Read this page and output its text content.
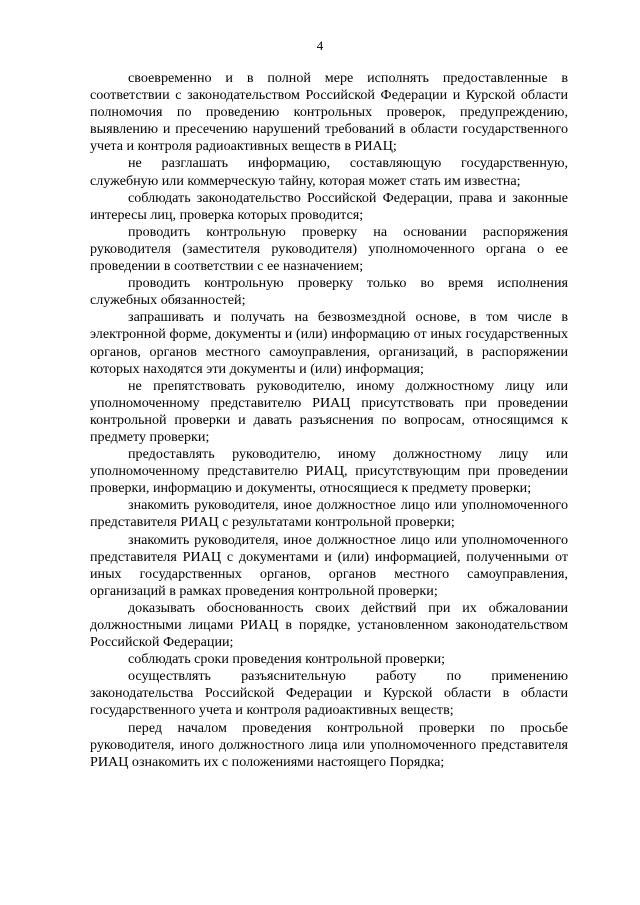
4

своевременно и в полной мере исполнять предоставленные в соответствии с законодательством Российской Федерации и Курской области полномочия по проведению контрольных проверок, предупреждению, выявлению и пресечению нарушений требований в области государственного учета и контроля радиоактивных веществ в РИАЦ;

не разглашать информацию, составляющую государственную, служебную или коммерческую тайну, которая может стать им известна;

соблюдать законодательство Российской Федерации, права и законные интересы лиц, проверка которых проводится;

проводить контрольную проверку на основании распоряжения руководителя (заместителя руководителя) уполномоченного органа о ее проведении в соответствии с ее назначением;

проводить контрольную проверку только во время исполнения служебных обязанностей;

запрашивать и получать на безвозмездной основе, в том числе в электронной форме, документы и (или) информацию от иных государственных органов, органов местного самоуправления, организаций, в распоряжении которых находятся эти документы и (или) информация;

не препятствовать руководителю, иному должностному лицу или уполномоченному представителю РИАЦ присутствовать при проведении контрольной проверки и давать разъяснения по вопросам, относящимся к предмету проверки;

предоставлять руководителю, иному должностному лицу или уполномоченному представителю РИАЦ, присутствующим при проведении проверки, информацию и документы, относящиеся к предмету проверки;

знакомить руководителя, иное должностное лицо или уполномоченного представителя РИАЦ с результатами контрольной проверки;

знакомить руководителя, иное должностное лицо или уполномоченного представителя РИАЦ с документами и (или) информацией, полученными от иных государственных органов, органов местного самоуправления, организаций в рамках проведения контрольной проверки;

доказывать обоснованность своих действий при их обжаловании должностными лицами РИАЦ в порядке, установленном законодательством Российской Федерации;

соблюдать сроки проведения контрольной проверки;

осуществлять разъяснительную работу по применению законодательства Российской Федерации и Курской области в области государственного учета и контроля радиоактивных веществ;

перед началом проведения контрольной проверки по просьбе руководителя, иного должностного лица или уполномоченного представителя РИАЦ ознакомить их с положениями настоящего Порядка;
